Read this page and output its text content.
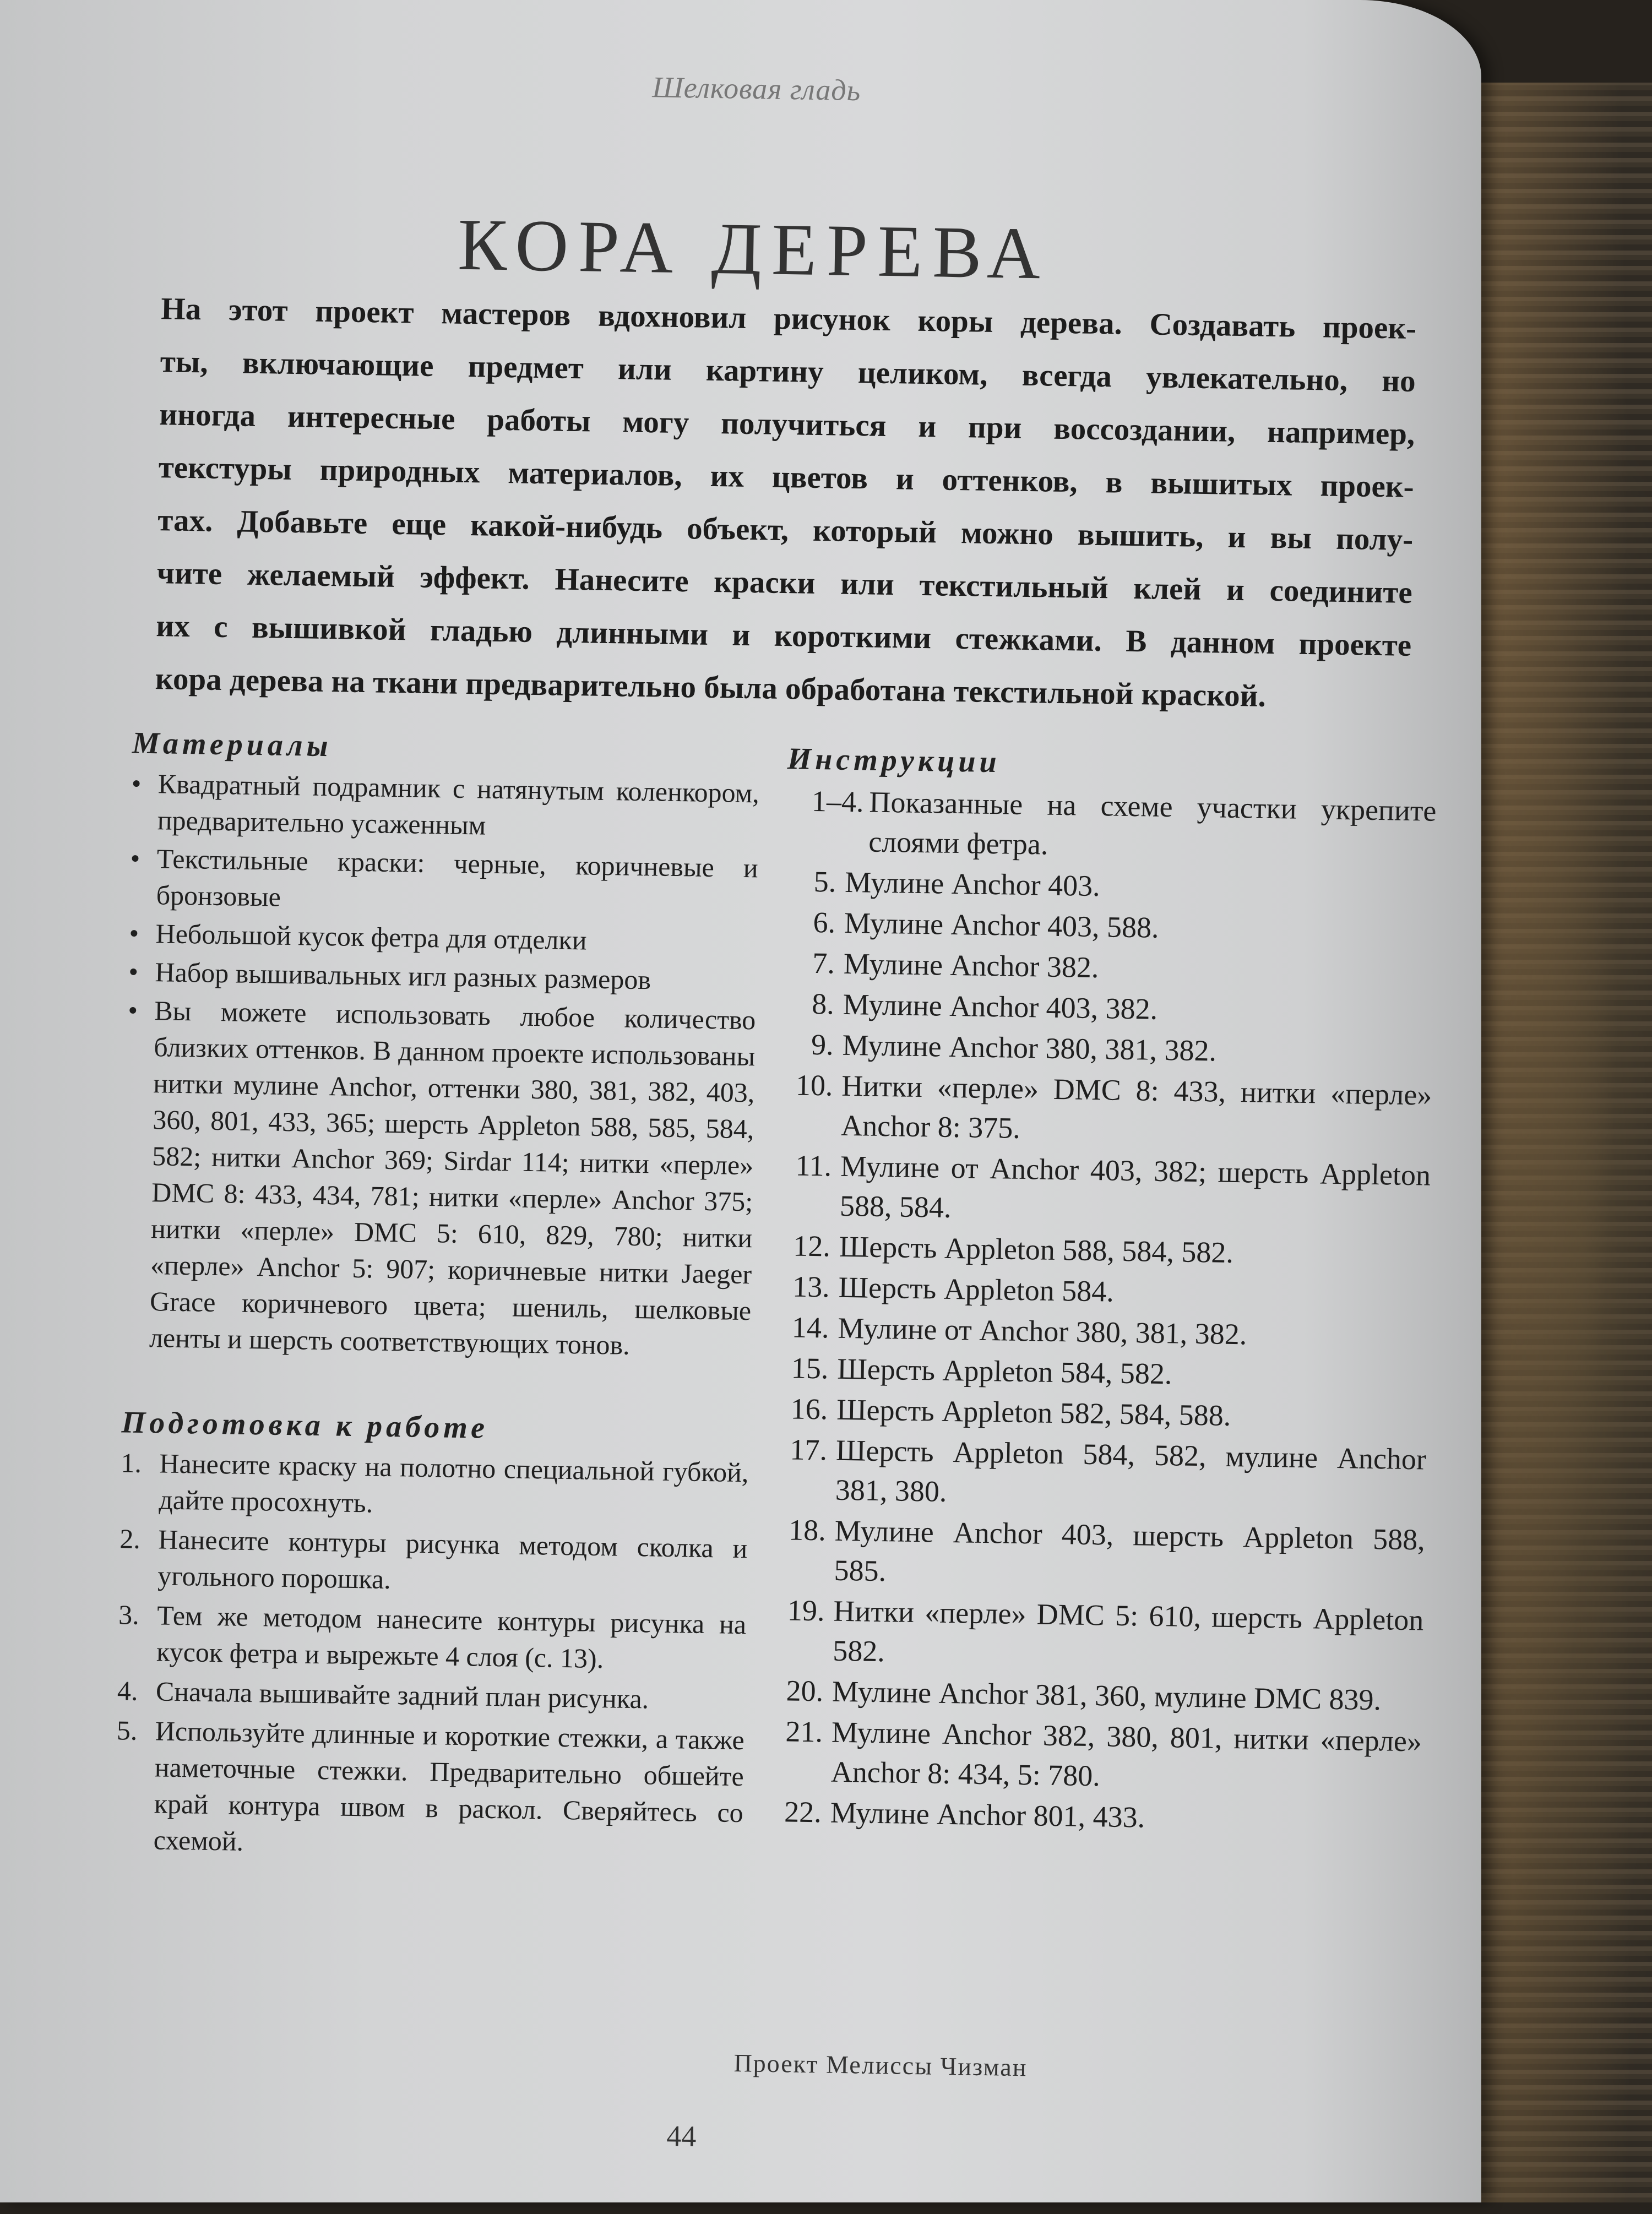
Шелковая гладь
КОРА ДЕРЕВА

На этот проект мастеров вдохновил рисунок коры дерева. Создавать проек-
ты, включающие предмет или картину целиком, всегда увлекательно, но
иногда интересные работы могу получиться и при воссоздании, например,
текстуры природных материалов, их цветов и оттенков, в вышитых проек-
тах. Добавьте еще какой-нибудь объект, который можно вышить, и вы полу-
чите желаемый эффект. Нанесите краски или текстильный клей и соедините
их с вышивкой гладью длинными и короткими стежками. В данном проекте
кора дерева на ткани предварительно была обработана текстильной краской.

Материалы
• Квадратный подрамник с натянутым коленкором, предварительно усаженным
• Текстильные краски: черные, коричневые и бронзовые
• Небольшой кусок фетра для отделки
• Набор вышивальных игл разных размеров
• Вы можете использовать любое количество близких оттенков. В данном проекте использованы нитки мулине Anchor, оттенки 380, 381, 382, 403, 360, 801, 433, 365; шерсть Appleton 588, 585, 584, 582; нитки Anchor 369; Sirdar 114; нитки «перле» DMC 8: 433, 434, 781; нитки «перле» Anchor 375; нитки «перле» DMC 5: 610, 829, 780; нитки «перле» Anchor 5: 907; коричневые нитки Jaeger Grace коричневого цвета; шениль, шелковые ленты и шерсть соответствующих тонов.
Подготовка к работе
1. Нанесите краску на полотно специальной губкой, дайте просохнуть.
2. Нанесите контуры рисунка методом сколка и угольного порошка.
3. Тем же методом нанесите контуры рисунка на кусок фетра и вырежьте 4 слоя (с. 13).
4. Сначала вышивайте задний план рисунка.
5. Используйте длинные и короткие стежки, а также наметочные стежки. Предварительно обшейте край контура швом в раскол. Сверяйтесь со схемой.
Инструкции
1–4. Показанные на схеме участки укрепите слоями фетра.
5. Мулине Anchor 403.
6. Мулине Anchor 403, 588.
7. Мулине Anchor 382.
8. Мулине Anchor 403, 382.
9. Мулине Anchor 380, 381, 382.
10. Нитки «перле» DMC 8: 433, нитки «перле» Anchor 8: 375.
11. Мулине от Anchor 403, 382; шерсть Appleton 588, 584.
12. Шерсть Appleton 588, 584, 582.
13. Шерсть Appleton 584.
14. Мулине от Anchor 380, 381, 382.
15. Шерсть Appleton 584, 582.
16. Шерсть Appleton 582, 584, 588.
17. Шерсть Appleton 584, 582, мулине Anchor 381, 380.
18. Мулине Anchor 403, шерсть Appleton 588, 585.
19. Нитки «перле» DMC 5: 610, шерсть Appleton 582.
20. Мулине Anchor 381, 360, мулине DMC 839.
21. Мулине Anchor 382, 380, 801, нитки «перле» Anchor 8: 434, 5: 780.
22. Мулине Anchor 801, 433.
Проект Мелиссы Чизман
44
